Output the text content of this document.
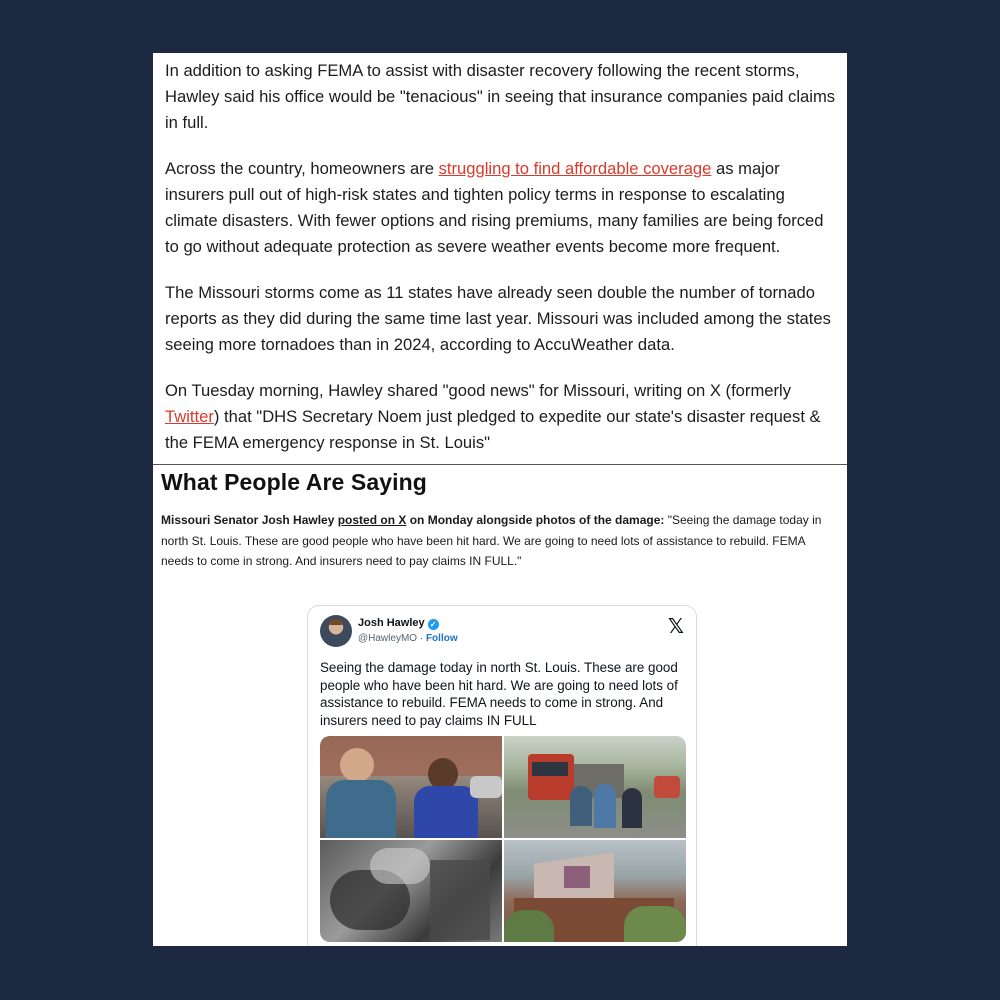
In addition to asking FEMA to assist with disaster recovery following the recent storms, Hawley said his office would be "tenacious" in seeing that insurance companies paid claims in full.

Across the country, homeowners are struggling to find affordable coverage as major insurers pull out of high-risk states and tighten policy terms in response to escalating climate disasters. With fewer options and rising premiums, many families are being forced to go without adequate protection as severe weather events become more frequent.

The Missouri storms come as 11 states have already seen double the number of tornado reports as they did during the same time last year. Missouri was included among the states seeing more tornadoes than in 2024, according to AccuWeather data.

On Tuesday morning, Hawley shared "good news" for Missouri, writing on X (formerly Twitter) that "DHS Secretary Noem just pledged to expedite our state's disaster request & the FEMA emergency response in St. Louis"

What People Are Saying
Missouri Senator Josh Hawley posted on X on Monday alongside photos of the damage: "Seeing the damage today in north St. Louis. These are good people who have been hit hard. We are going to need lots of assistance to rebuild. FEMA needs to come in strong. And insurers need to pay claims IN FULL."
Josh Hawley ✓
@HawleyMO · Follow
𝕏
Seeing the damage today in north St. Louis. These are good people who have been hit hard. We are going to need lots of assistance to rebuild. FEMA needs to come in strong. And insurers need to pay claims IN FULL
